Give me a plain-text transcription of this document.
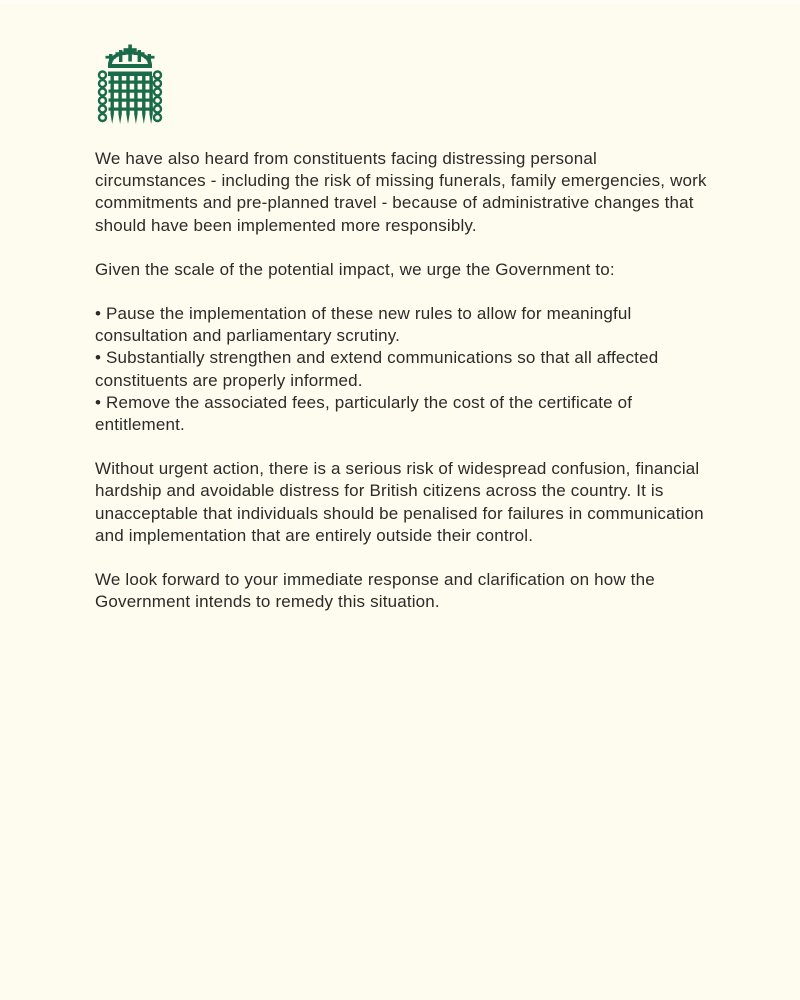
We have also heard from constituents facing distressing personal circumstances - including the risk of missing funerals, family emergencies, work commitments and pre-planned travel - because of administrative changes that should have been implemented more responsibly.

Given the scale of the potential impact, we urge the Government to:

• Pause the implementation of these new rules to allow for meaningful consultation and parliamentary scrutiny.
• Substantially strengthen and extend communications so that all affected constituents are properly informed.
• Remove the associated fees, particularly the cost of the certificate of entitlement.

Without urgent action, there is a serious risk of widespread confusion, financial hardship and avoidable distress for British citizens across the country. It is unacceptable that individuals should be penalised for failures in communication and implementation that are entirely outside their control.

We look forward to your immediate response and clarification on how the Government intends to remedy this situation.
